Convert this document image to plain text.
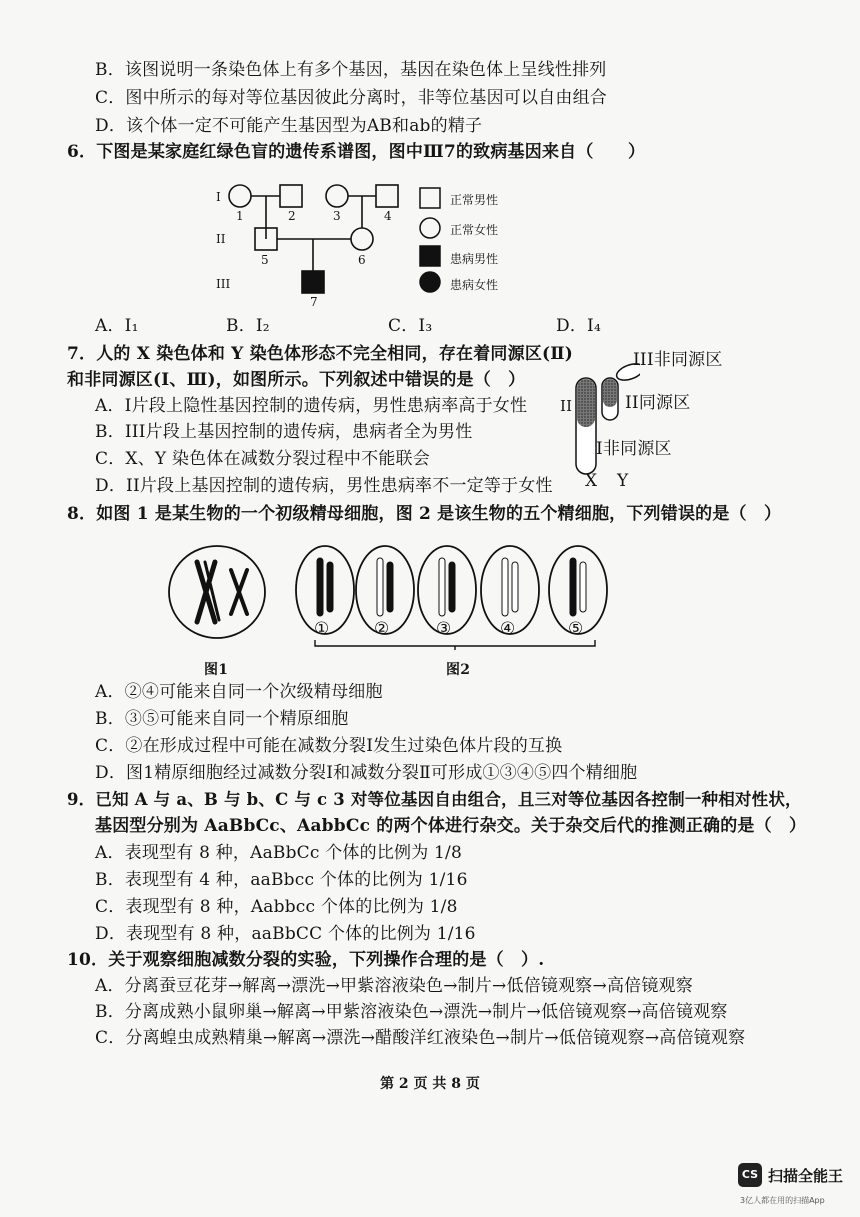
B．该图说明一条染色体上有多个基因，基因在染色体上呈线性排列
C．图中所示的每对等位基因彼此分离时，非等位基因可以自由组合
D．该个体一定不可能产生基因型为AB和ab的精子
6．下图是某家庭红绿色盲的遗传系谱图，图中Ⅲ7的致病基因来自（　　）
I
II
III
1	2	3	4
5	6
7
正常男性
正常女性
患病男性
患病女性
A．I₁	B．I₂	C．I₃	D．I₄
7．人的 X 染色体和 Y 染色体形态不完全相同，存在着同源区(Ⅱ)
和非同源区(Ⅰ、Ⅲ)，如图所示。下列叙述中错误的是（　）
A．I片段上隐性基因控制的遗传病，男性患病率高于女性
B．III片段上基因控制的遗传病，患病者全为男性
C．X、Y 染色体在减数分裂过程中不能联会
D．II片段上基因控制的遗传病，男性患病率不一定等于女性
III非同源区
II同源区
I非同源区
II
X Y
8．如图 1 是某生物的一个初级精母细胞，图 2 是该生物的五个精细胞，下列错误的是（　）
①	②	③	④	⑤
图1	图2
A．②④可能来自同一个次级精母细胞
B．③⑤可能来自同一个精原细胞
C．②在形成过程中可能在减数分裂Ⅰ发生过染色体片段的互换
D．图1精原细胞经过减数分裂Ⅰ和减数分裂Ⅱ可形成①③④⑤四个精细胞
9．已知 A 与 a、B 与 b、C 与 c 3 对等位基因自由组合，且三对等位基因各控制一种相对性状，
基因型分别为 AaBbCc、AabbCc 的两个体进行杂交。关于杂交后代的推测正确的是（　）
A．表现型有 8 种，AaBbCc 个体的比例为 1/8
B．表现型有 4 种，aaBbcc 个体的比例为 1/16
C．表现型有 8 种，Aabbcc 个体的比例为 1/8
D．表现型有 8 种，aaBbCC 个体的比例为 1/16
10．关于观察细胞减数分裂的实验，下列操作合理的是（　）.
A．分离蚕豆花芽→解离→漂洗→甲紫溶液染色→制片→低倍镜观察→高倍镜观察
B．分离成熟小鼠卵巢→解离→甲紫溶液染色→漂洗→制片→低倍镜观察→高倍镜观察
C．分离蝗虫成熟精巢→解离→漂洗→醋酸洋红液染色→制片→低倍镜观察→高倍镜观察
第 2 页 共 8 页
CS 扫描全能王
3亿人都在用的扫描App
